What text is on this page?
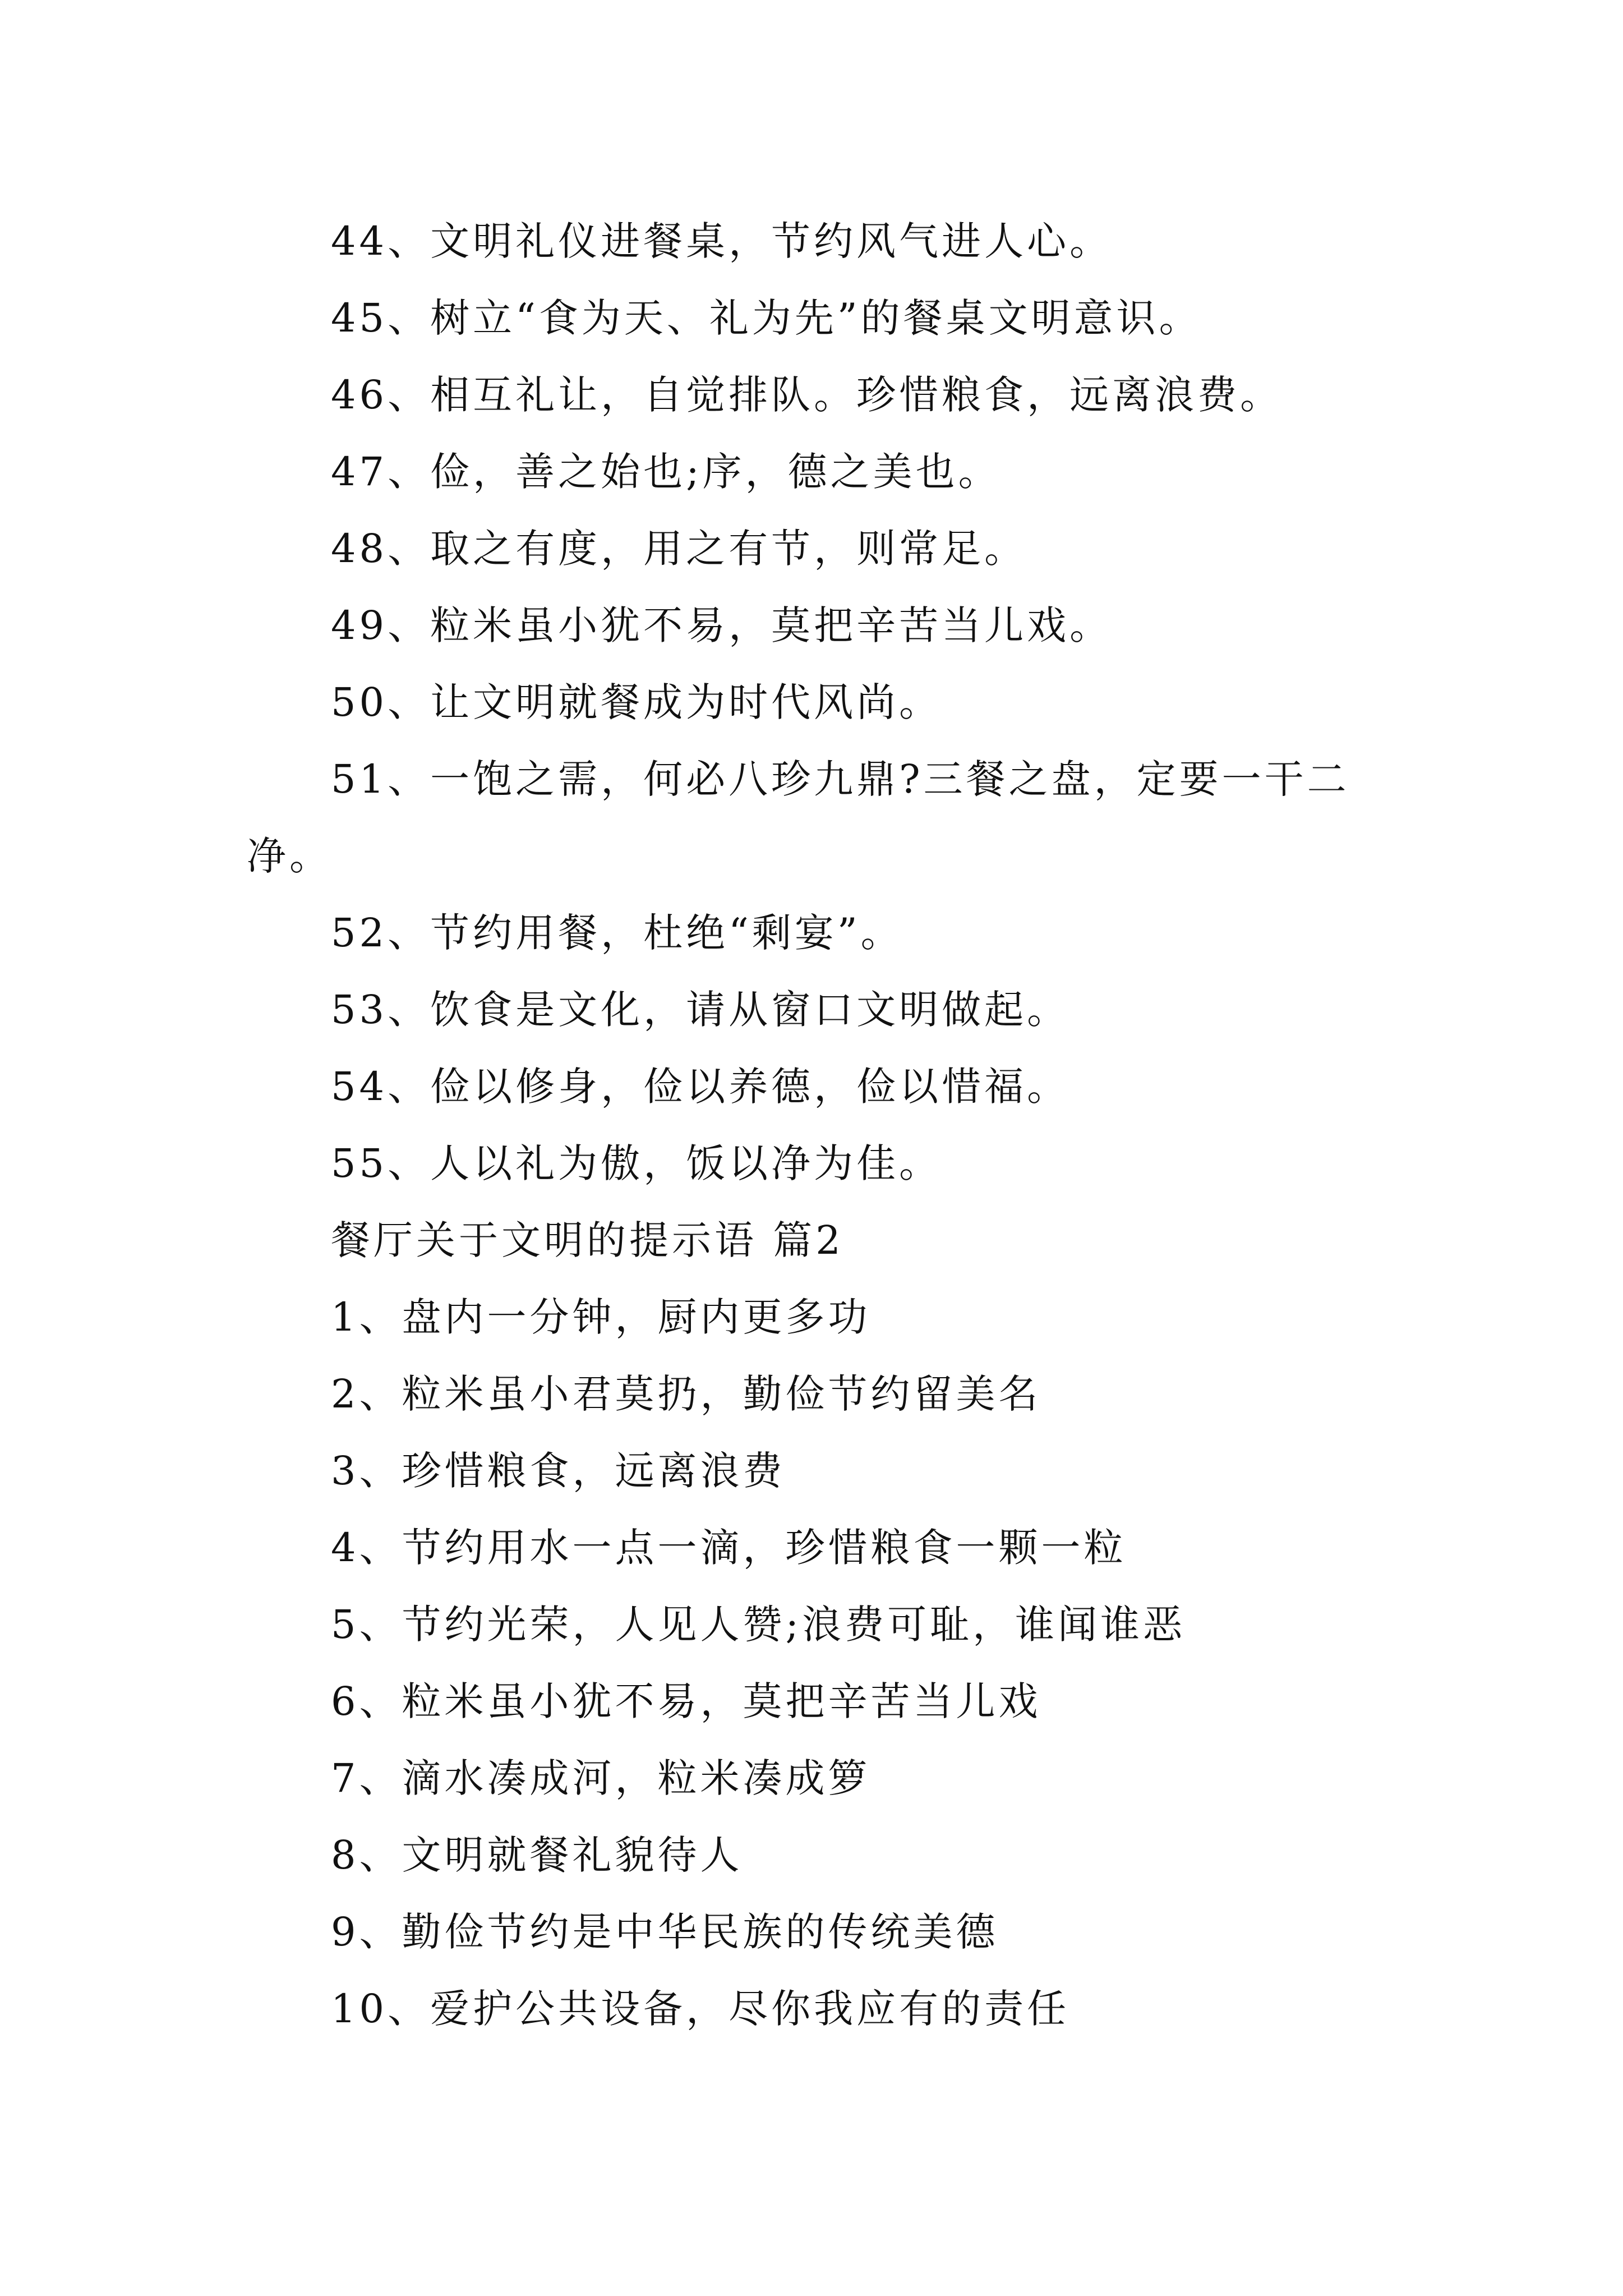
44、文明礼仪进餐桌，节约风气进人心。
45、树立“食为天、礼为先”的餐桌文明意识。
46、相互礼让，自觉排队。珍惜粮食，远离浪费。
47、俭，善之始也;序，德之美也。
48、取之有度，用之有节，则常足。
49、粒米虽小犹不易，莫把辛苦当儿戏。
50、让文明就餐成为时代风尚。
51、一饱之需，何必八珍九鼎?三餐之盘，定要一干二
净。
52、节约用餐，杜绝“剩宴”。
53、饮食是文化，请从窗口文明做起。
54、俭以修身，俭以养德，俭以惜福。
55、人以礼为傲，饭以净为佳。
餐厅关于文明的提示语 篇2
1、盘内一分钟，厨内更多功
2、粒米虽小君莫扔，勤俭节约留美名
3、珍惜粮食，远离浪费
4、节约用水一点一滴，珍惜粮食一颗一粒
5、节约光荣，人见人赞;浪费可耻，谁闻谁恶
6、粒米虽小犹不易，莫把辛苦当儿戏
7、滴水凑成河，粒米凑成箩
8、文明就餐礼貌待人
9、勤俭节约是中华民族的传统美德
10、爱护公共设备，尽你我应有的责任
